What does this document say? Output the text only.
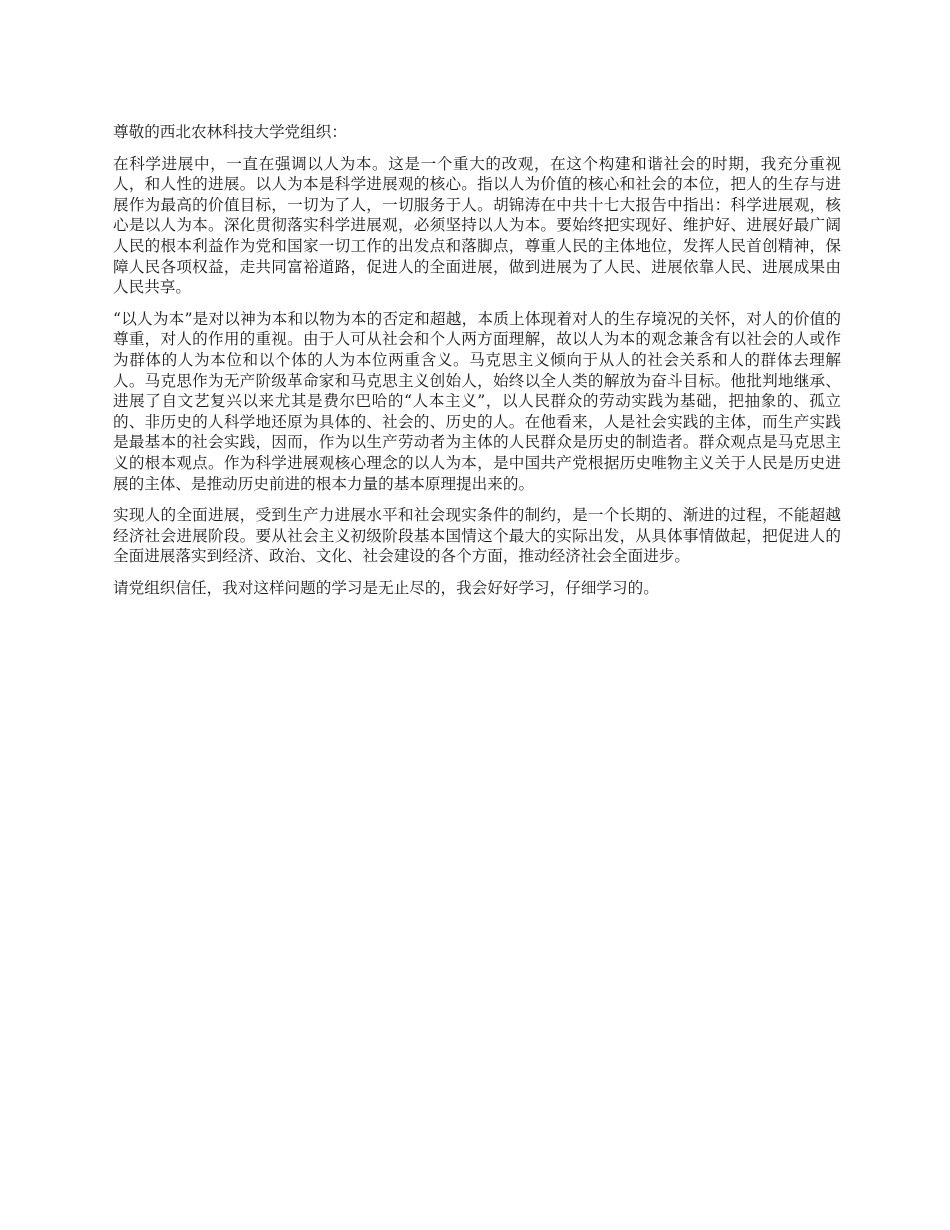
尊敬的西北农林科技大学党组织：

在科学进展中，一直在强调以人为本。这是一个重大的改观，在这个构建和谐社会的时期，我充分重视人，和人性的进展。以人为本是科学进展观的核心。指以人为价值的核心和社会的本位，把人的生存与进展作为最高的价值目标，一切为了人，一切服务于人。胡锦涛在中共十七大报告中指出：科学进展观，核心是以人为本。深化贯彻落实科学进展观，必须坚持以人为本。要始终把实现好、维护好、进展好最广阔人民的根本利益作为党和国家一切工作的出发点和落脚点，尊重人民的主体地位，发挥人民首创精神，保障人民各项权益，走共同富裕道路，促进人的全面进展，做到进展为了人民、进展依靠人民、进展成果由人民共享。

“以人为本”是对以神为本和以物为本的否定和超越，本质上体现着对人的生存境况的关怀，对人的价值的尊重，对人的作用的重视。由于人可从社会和个人两方面理解，故以人为本的观念兼含有以社会的人或作为群体的人为本位和以个体的人为本位两重含义。马克思主义倾向于从人的社会关系和人的群体去理解人。马克思作为无产阶级革命家和马克思主义创始人，始终以全人类的解放为奋斗目标。他批判地继承、进展了自文艺复兴以来尤其是费尔巴哈的“人本主义”，以人民群众的劳动实践为基础，把抽象的、孤立的、非历史的人科学地还原为具体的、社会的、历史的人。在他看来，人是社会实践的主体，而生产实践是最基本的社会实践，因而，作为以生产劳动者为主体的人民群众是历史的制造者。群众观点是马克思主义的根本观点。作为科学进展观核心理念的以人为本，是中国共产党根据历史唯物主义关于人民是历史进展的主体、是推动历史前进的根本力量的基本原理提出来的。

实现人的全面进展，受到生产力进展水平和社会现实条件的制约，是一个长期的、渐进的过程，不能超越经济社会进展阶段。要从社会主义初级阶段基本国情这个最大的实际出发，从具体事情做起，把促进人的全面进展落实到经济、政治、文化、社会建设的各个方面，推动经济社会全面进步。

请党组织信任，我对这样问题的学习是无止尽的，我会好好学习，仔细学习的。
